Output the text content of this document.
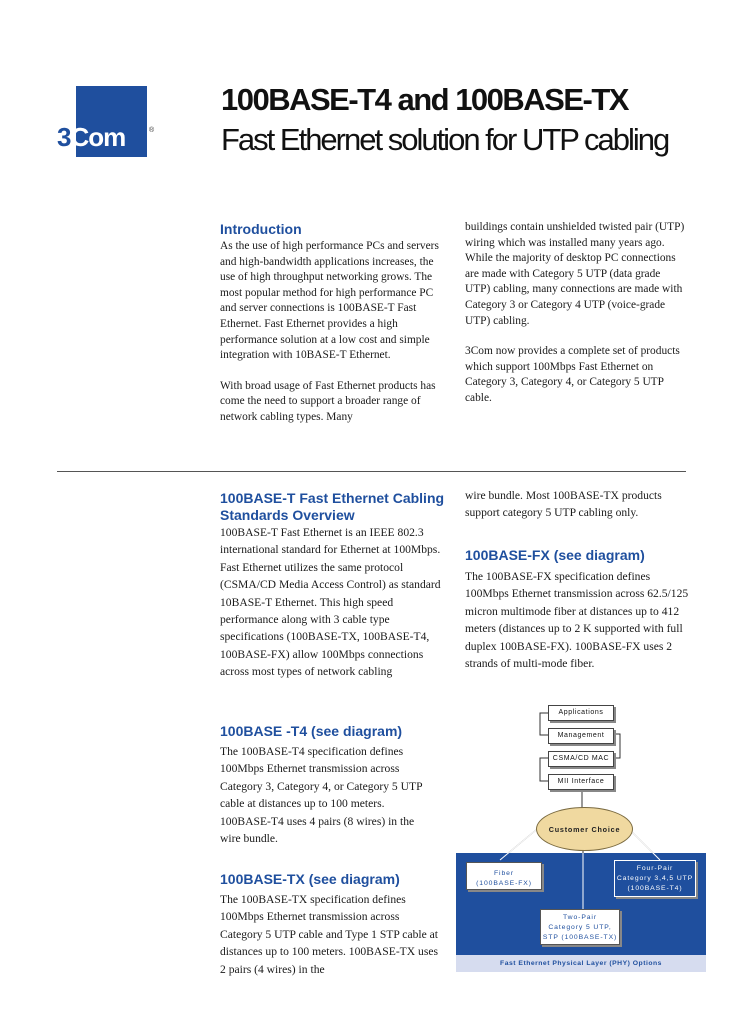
3Com	®
100BASE-T4 and 100BASE-TX
Fast Ethernet solution for UTP cabling
Introduction
As the use of high performance PCs and servers and high-bandwidth applications increases, the use of high throughput networking grows. The most popular method for high performance PC and server connections is 100BASE-T Fast Ethernet. Fast Ethernet provides a high performance solution at a low cost and simple integration with 10BASE-T Ethernet.
With broad usage of Fast Ethernet products has come the need to support a broader range of network cabling types. Many
buildings contain unshielded twisted pair (UTP) wiring which was installed many years ago. While the majority of desktop PC connections are made with Category 5 UTP (data grade UTP) cabling, many connections are made with Category 3 or Category 4 UTP (voice-grade UTP) cabling.
3Com now provides a complete set of products which support 100Mbps Fast Ethernet on Category 3, Category 4, or Category 5 UTP cable.
100BASE-T Fast Ethernet Cabling
Standards Overview
100BASE-T Fast Ethernet is an IEEE 802.3 international standard for Ethernet at 100Mbps. Fast Ethernet utilizes the same protocol (CSMA/CD Media Access Control) as standard 10BASE-T Ethernet. This high speed performance along with 3 cable type specifications (100BASE-TX, 100BASE-T4, 100BASE-FX) allow 100Mbps connections across most types of network cabling
100BASE -T4 (see diagram)
The 100BASE-T4 specification defines 100Mbps Ethernet transmission across Category 3, Category 4, or Category 5 UTP cable at distances up to 100 meters. 100BASE-T4 uses 4 pairs (8 wires) in the wire bundle.
100BASE-TX (see diagram)
The 100BASE-TX specification defines 100Mbps Ethernet transmission across Category 5 UTP cable and Type 1 STP cable at distances up to 100 meters. 100BASE-TX uses 2 pairs (4 wires) in the
wire bundle. Most 100BASE-TX products support category 5 UTP cabling only.
100BASE-FX (see diagram)
The 100BASE-FX specification defines 100Mbps Ethernet transmission across 62.5/125 micron multimode fiber at distances up to 412 meters (distances up to 2 K supported with full duplex 100BASE-FX). 100BASE-FX uses 2 strands of multi-mode fiber.
Applications
Management
CSMA/CD MAC
MII Interface
Customer Choice
Fiber
(100BASE-FX)
Four-Pair
Category 3,4,5 UTP
(100BASE-T4)
Two-Pair
Category 5 UTP,
STP (100BASE-TX)
Fast Ethernet Physical Layer (PHY) Options
